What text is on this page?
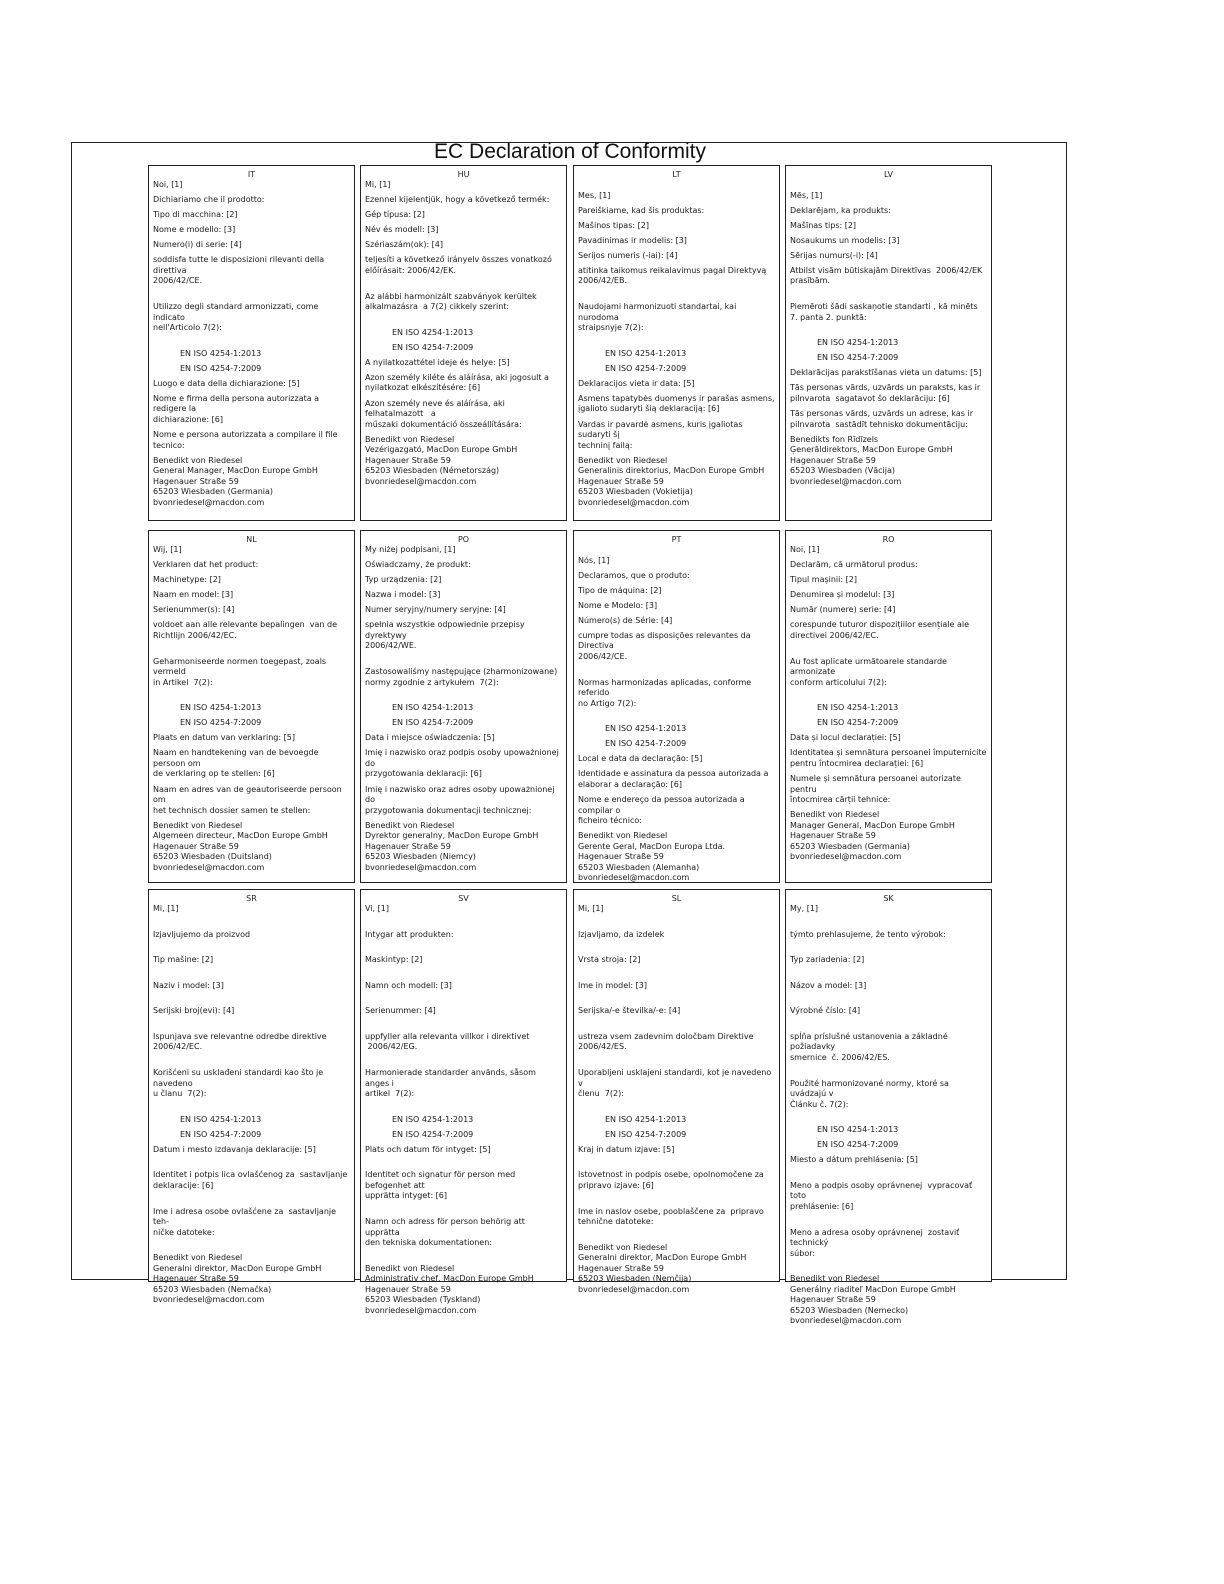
EC Declaration of Conformity
IT
Noi, [1]
Dichiariamo che il prodotto:
Tipo di macchina: [2]
Nome e modello: [3]
Numero(i) di serie: [4]
soddisfa tutte le disposizioni rilevanti della direttiva
2006/42/CE.

Utilizzo degli standard armonizzati, come indicato
nell'Articolo 7(2):

EN ISO 4254-1:2013
EN ISO 4254-7:2009
Luogo e data della dichiarazione: [5]
Nome e firma della persona autorizzata a redigere la
dichiarazione: [6]
Nome e persona autorizzata a compilare il file
tecnico:
Benedikt von Riedesel
General Manager, MacDon Europe GmbH
Hagenauer Straße 59
65203 Wiesbaden (Germania)
bvonriedesel@macdon.com
HU
Mi, [1]
Ezennel kijelentjük, hogy a következő termék:
Gép típusa: [2]
Név és modell: [3]
Szériaszám(ok): [4]
teljesíti a következő irányelv összes vonatkozó
előírásait: 2006/42/EK.

Az alábbi harmonizált szabványok kerültek
alkalmazásra  a 7(2) cikkely szerint:

EN ISO 4254-1:2013
EN ISO 4254-7:2009
A nyilatkozattétel ideje és helye: [5]
Azon személy kiléte és aláírása, aki jogosult a
nyilatkozat elkészítésére: [6]
Azon személy neve és aláírása, aki felhatalmazott   a
műszaki dokumentáció összeállítására:
Benedikt von Riedesel
Vezérigazgató, MacDon Europe GmbH
Hagenauer Straße 59
65203 Wiesbaden (Németország)
bvonriedesel@macdon.com
LT

Mes, [1]
Pareiškiame, kad šis produktas:
Mašinos tipas: [2]
Pavadinimas ir modelis: [3]
Serijos numeris (-iai): [4]
atitinka taikomus reikalavimus pagal Direktyvą
2006/42/EB.

Naudojami harmonizuoti standartai, kai nurodoma
straipsnyje 7(2):

EN ISO 4254-1:2013
EN ISO 4254-7:2009
Deklaracijos vieta ir data: [5]
Asmens tapatybės duomenys ir parašas asmens,
įgalioto sudaryti šią deklaraciją: [6]
Vardas ir pavardė asmens, kuris įgaliotas sudaryti šį
techninį failą:
Benedikt von Riedesel
Generalinis direktorius, MacDon Europe GmbH
Hagenauer Straße 59
65203 Wiesbaden (Vokietija)
bvonriedesel@macdon.com
LV

Mēs, [1]
Deklarējam, ka produkts:
Mašīnas tips: [2]
Nosaukums un modelis: [3]
Sērijas numurs(-i): [4]
Atbilst visām būtiskajām Direktīvas  2006/42/EK
prasībām.

Piemēroti šādi saskaņotie standarti , kā minēts
7. panta 2. punktā:

EN ISO 4254-1:2013
EN ISO 4254-7:2009
Deklarācijas parakstīšanas vieta un datums: [5]
Tās personas vārds, uzvārds un paraksts, kas ir
pilnvarota  sagatavot šo deklarāciju: [6]
Tās personas vārds, uzvārds un adrese, kas ir
pilnvarota  sastādīt tehnisko dokumentāciju:
Benedikts fon Rīdīzels
Ģenerāldirektors, MacDon Europe GmbH
Hagenauer Straße 59
65203 Wiesbaden (Vācija)
bvonriedesel@macdon.com
NL
Wij, [1]
Verklaren dat het product:
Machinetype: [2]
Naam en model: [3]
Serienummer(s): [4]
voldoet aan alle relevante bepalingen  van de
Richtlijn 2006/42/EC.

Geharmoniseerde normen toegepast, zoals vermeld
in Artikel  7(2):

EN ISO 4254-1:2013
EN ISO 4254-7:2009
Plaats en datum van verklaring: [5]
Naam en handtekening van de bevoegde persoon om
de verklaring op te stellen: [6]
Naam en adres van de geautoriseerde persoon om
het technisch dossier samen te stellen:
Benedikt von Riedesel
Algemeen directeur, MacDon Europe GmbH
Hagenauer Straße 59
65203 Wiesbaden (Duitsland)
bvonriedesel@macdon.com
PO
My niżej podpisani, [1]
Oświadczamy, że produkt:
Typ urządzenia: [2]
Nazwa i model: [3]
Numer seryjny/numery seryjne: [4]
spełnia wszystkie odpowiednie przepisy  dyrektywy
2006/42/WE.

Zastosowaliśmy następujące (zharmonizowane)
normy zgodnie z artykułem  7(2):

EN ISO 4254-1:2013
EN ISO 4254-7:2009
Data i miejsce oświadczenia: [5]
Imię i nazwisko oraz podpis osoby upoważnionej  do
przygotowania deklaracji: [6]
Imię i nazwisko oraz adres osoby upoważnionej do
przygotowania dokumentacji technicznej:
Benedikt von Riedesel
Dyrektor generalny, MacDon Europe GmbH
Hagenauer Straße 59
65203 Wiesbaden (Niemcy)
bvonriedesel@macdon.com
PT

Nós, [1]
Declaramos, que o produto:
Tipo de máquina: [2]
Nome e Modelo: [3]
Número(s) de Série: [4]
cumpre todas as disposições relevantes da Directiva
2006/42/CE.

Normas harmonizadas aplicadas, conforme referido
no Artigo 7(2):

EN ISO 4254-1:2013
EN ISO 4254-7:2009
Local e data da declaração: [5]
Identidade e assinatura da pessoa autorizada a
elaborar a declaração: [6]
Nome e endereço da pessoa autorizada a  compilar o
ficheiro técnico:
Benedikt von Riedesel
Gerente Geral, MacDon Europa Ltda.
Hagenauer Straße 59
65203 Wiesbaden (Alemanha)
bvonriedesel@macdon.com
RO
Noi, [1]
Declarăm, că următorul produs:
Tipul mașinii: [2]
Denumirea și modelul: [3]
Număr (numere) serie: [4]
corespunde tuturor dispozițiilor esențiale ale
directivei 2006/42/EC.

Au fost aplicate următoarele standarde armonizate
conform articolului 7(2):

EN ISO 4254-1:2013
EN ISO 4254-7:2009
Data și locul declarației: [5]
Identitatea și semnătura persoanei împuternicite
pentru întocmirea declarației: [6]
Numele și semnătura persoanei autorizate pentru
întocmirea cărții tehnice:
Benedikt von Riedesel
Manager General, MacDon Europe GmbH
Hagenauer Straße 59
65203 Wiesbaden (Germania)
bvonriedesel@macdon.com
SR
Mi, [1]

Izjavljujemo da proizvod

Tip mašine: [2]

Naziv i model: [3]

Serijski broj(evi): [4]

Ispunjava sve relevantne odredbe direktive
2006/42/EC.

Korišćeni su usklađeni standardi kao što je navedeno
u članu  7(2):

EN ISO 4254-1:2013
EN ISO 4254-7:2009
Datum i mesto izdavanja deklaracije: [5]

Identitet i potpis lica ovlašćenog za  sastavljanje
deklaracije: [6]

Ime i adresa osobe ovlašćene za  sastavljanje teh-
ničke datoteke:

Benedikt von Riedesel
Generalni direktor, MacDon Europe GmbH
Hagenauer Straße 59
65203 Wiesbaden (Nemačka)
bvonriedesel@macdon.com
SV
Vi, [1]

Intygar att produkten:

Maskintyp: [2]

Namn och modell: [3]

Serienummer: [4]

uppfyller alla relevanta villkor i direktivet
2006/42/EG.

Harmonierade standarder används, såsom anges i
artikel  7(2):

EN ISO 4254-1:2013
EN ISO 4254-7:2009
Plats och datum för intyget: [5]

Identitet och signatur för person med befogenhet att
upprätta intyget: [6]

Namn och adress för person behörig att  upprätta
den tekniska dokumentationen:

Benedikt von Riedesel
Administrativ chef, MacDon Europe GmbH
Hagenauer Straße 59
65203 Wiesbaden (Tyskland)
bvonriedesel@macdon.com
SL
Mi, [1]

Izjavljamo, da izdelek

Vrsta stroja: [2]

Ime in model: [3]

Serijska/-e številka/-e: [4]

ustreza vsem zadevnim določbam Direktive
2006/42/ES.

Uporabljeni usklajeni standardi, kot je navedeno v
členu  7(2):

EN ISO 4254-1:2013
EN ISO 4254-7:2009
Kraj in datum izjave: [5]

Istovetnost in podpis osebe, opolnomočene za
pripravo izjave: [6]

Ime in naslov osebe, pooblaščene za  pripravo
tehnične datoteke:

Benedikt von Riedesel
Generalni direktor, MacDon Europe GmbH
Hagenauer Straße 59
65203 Wiesbaden (Nemčija)
bvonriedesel@macdon.com
SK
My, [1]

týmto prehlasujeme, že tento výrobok:

Typ zariadenia: [2]

Názov a model: [3]

Výrobné číslo: [4]

spĺňa príslušné ustanovenia a základné požiadavky
smernice  č. 2006/42/ES.

Použité harmonizované normy, ktoré sa uvádzajú v
Článku č. 7(2):

EN ISO 4254-1:2013
EN ISO 4254-7:2009
Miesto a dátum prehlásenia: [5]

Meno a podpis osoby oprávnenej  vypracovať toto
prehlásenie: [6]

Meno a adresa osoby oprávnenej  zostaviť technický
súbor:

Benedikt von Riedesel
Generálny riaditeľ MacDon Europe GmbH
Hagenauer Straße 59
65203 Wiesbaden (Nemecko)
bvonriedesel@macdon.com
